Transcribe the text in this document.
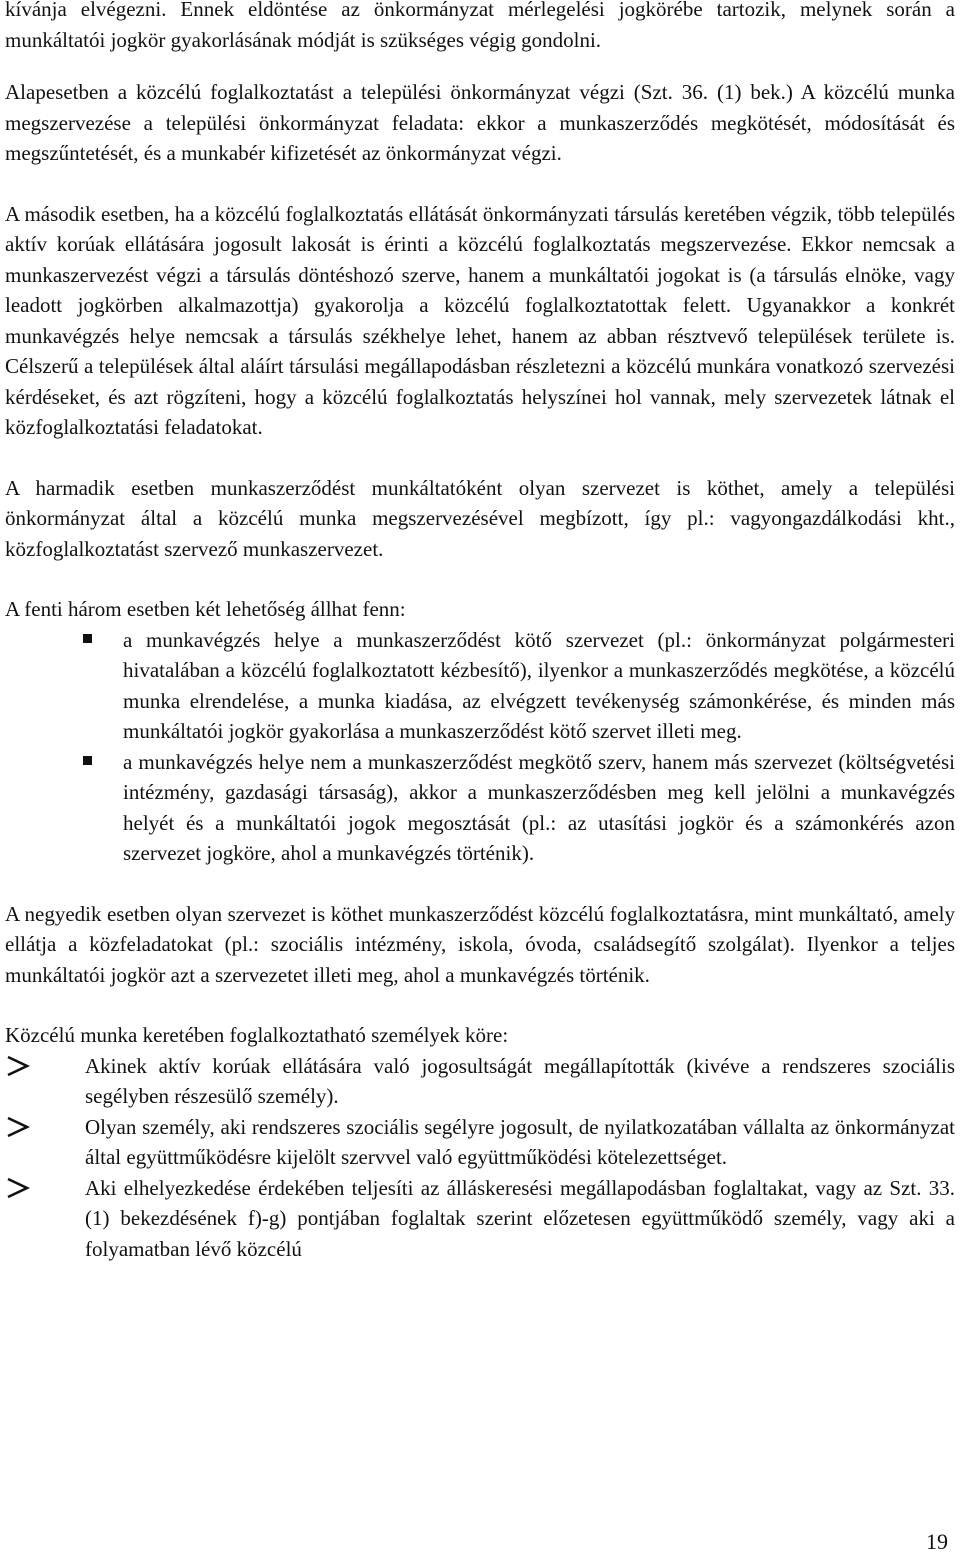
kívánja elvégezni. Ennek eldöntése az önkormányzat mérlegelési jogkörébe tartozik, melynek során a munkáltatói jogkör gyakorlásának módját is szükséges végig gondolni.

Alapesetben a közcélú foglalkoztatást a települési önkormányzat végzi (Szt. 36. (1) bek.) A közcélú munka megszervezése a települési önkormányzat feladata: ekkor a munkaszerződés megkötését, módosítását és megszűntetését, és a munkabér kifizetését az önkormányzat végzi.

A második esetben, ha a közcélú foglalkoztatás ellátását önkormányzati társulás keretében végzik, több település aktív korúak ellátására jogosult lakosát is érinti a közcélú foglalkoztatás megszervezése. Ekkor nemcsak a munkaszervezést végzi a társulás döntéshozó szerve, hanem a munkáltatói jogokat is (a társulás elnöke, vagy leadott jogkörben alkalmazottja) gyakorolja a közcélú foglalkoztatottak felett. Ugyanakkor a konkrét munkavégzés helye nemcsak a társulás székhelye lehet, hanem az abban résztvevő települések területe is. Célszerű a települések által aláírt társulási megállapodásban részletezni a közcélú munkára vonatkozó szervezési kérdéseket, és azt rögzíteni, hogy a közcélú foglalkoztatás helyszínei hol vannak, mely szervezetek látnak el közfoglalkoztatási feladatokat.

A harmadik esetben munkaszerződést munkáltatóként olyan szervezet is köthet, amely a települési önkormányzat által a közcélú munka megszervezésével megbízott, így pl.: vagyongazdálkodási kht., közfoglalkoztatást szervező munkaszervezet.

A fenti három esetben két lehetőség állhat fenn:

a munkavégzés helye a munkaszerződést kötő szervezet (pl.: önkormányzat polgármesteri hivatalában a közcélú foglalkoztatott kézbesítő), ilyenkor a munkaszerződés megkötése, a közcélú munka elrendelése, a munka kiadása, az elvégzett tevékenység számonkérése, és minden más munkáltatói jogkör gyakorlása a munkaszerződést kötő szervet illeti meg.
a munkavégzés helye nem a munkaszerződést megkötő szerv, hanem más szervezet (költségvetési intézmény, gazdasági társaság), akkor a munkaszerződésben meg kell jelölni a munkavégzés helyét és a munkáltatói jogok megosztását (pl.: az utasítási jogkör és a számonkérés azon szervezet jogköre, ahol a munkavégzés történik).

A negyedik esetben olyan szervezet is köthet munkaszerződést közcélú foglalkoztatásra, mint munkáltató, amely ellátja a közfeladatokat (pl.: szociális intézmény, iskola, óvoda, családsegítő szolgálat). Ilyenkor a teljes munkáltatói jogkör azt a szervezetet illeti meg, ahol a munkavégzés történik.

Közcélú munka keretében foglalkoztatható személyek köre:

Akinek aktív korúak ellátására való jogosultságát megállapították (kivéve a rendszeres szociális segélyben részesülő személy).
Olyan személy, aki rendszeres szociális segélyre jogosult, de nyilatkozatában vállalta az önkormányzat által együttműködésre kijelölt szervvel való együttműködési kötelezettséget.
Aki elhelyezkedése érdekében teljesíti az álláskeresési megállapodásban foglaltakat, vagy az Szt. 33. (1) bekezdésének f)-g) pontjában foglaltak szerint előzetesen együttműködő személy, vagy aki a folyamatban lévő közcélú
19
